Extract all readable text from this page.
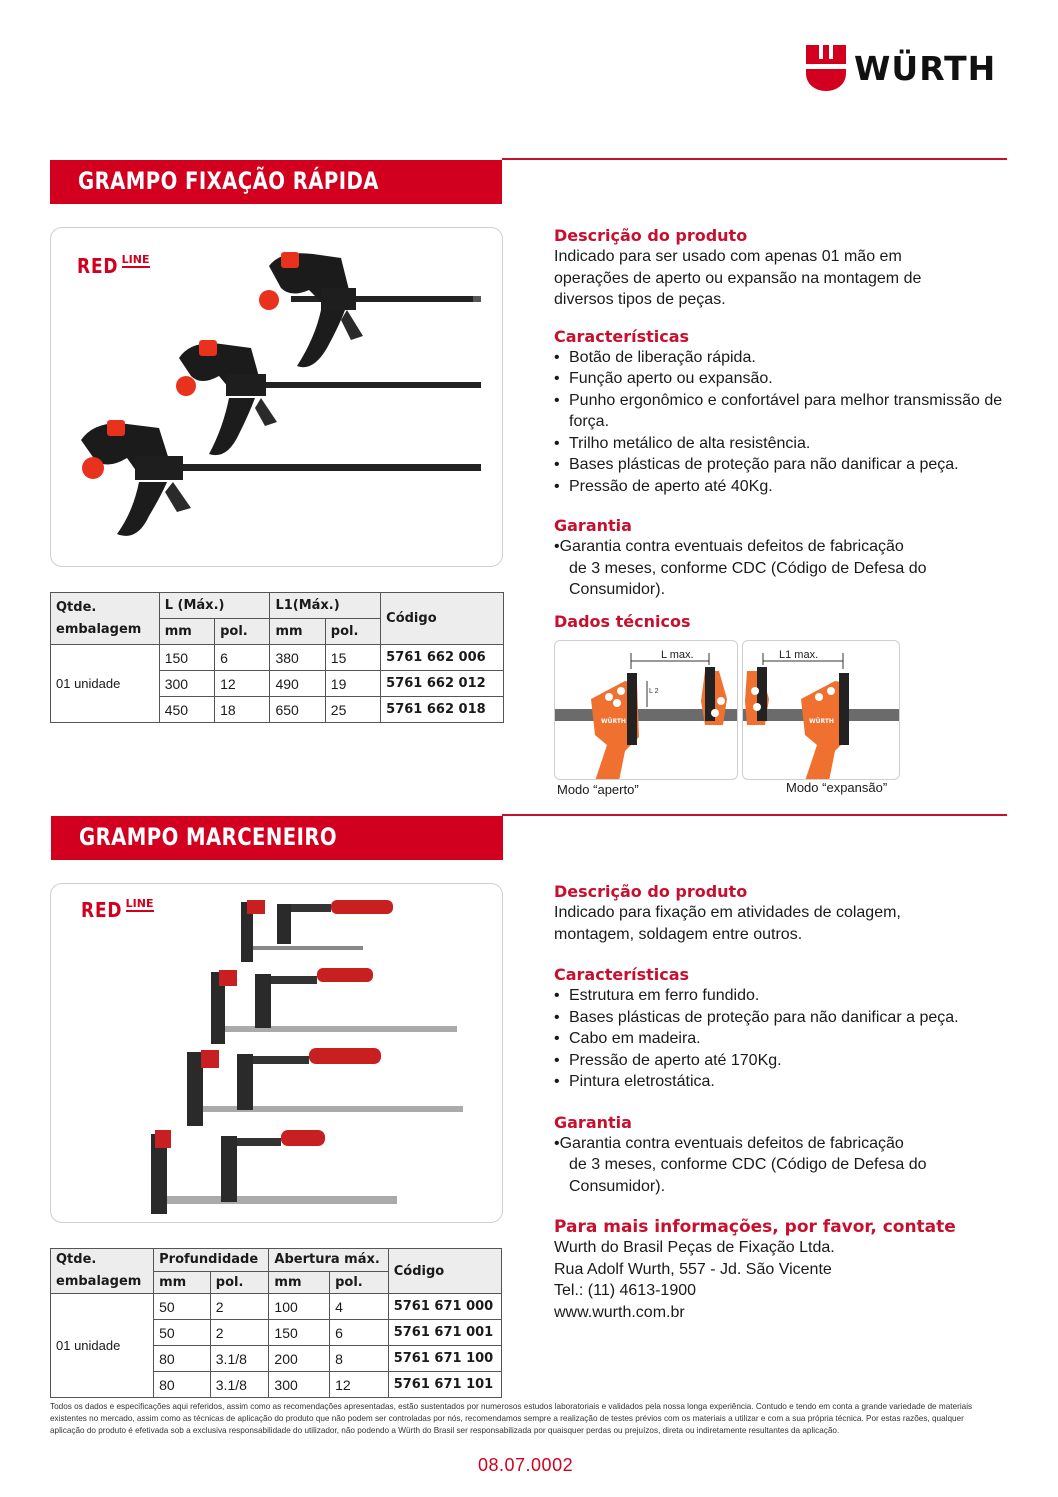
WÜRTH
GRAMPO FIXAÇÃO RÁPIDA
RED LINE
Qtde. embalagem	L (Máx.)		L1(Máx.)		Código
	mm	pol.	mm	pol.	
01 unidade	150	6	380	15	5761 662 006
	300	12	490	19	5761 662 012
	450	18	650	25	5761 662 018
Descrição do produto
Indicado para ser usado com apenas 01 mão em operações de aperto ou expansão na montagem de diversos tipos de peças.
Características
• Botão de liberação rápida.
• Função aperto ou expansão.
• Punho ergonômico e confortável para melhor transmissão de força.
• Trilho metálico de alta resistência.
• Bases plásticas de proteção para não danificar a peça.
• Pressão de aperto até 40Kg.
Garantia
•Garantia contra eventuais defeitos de fabricação
de 3 meses, conforme CDC (Código de Defesa do Consumidor).
Dados técnicos
WÜRTH
L max.
L 2
WÜRTH
L1 max.
Modo “aperto”	Modo “expansão”
GRAMPO MARCENEIRO
RED LINE
Qtde. embalagem	Profundidade		Abertura máx.		Código
	mm	pol.	mm	pol.	
01 unidade	50	2	100	4	5761 671 000
	50	2	150	6	5761 671 001
	80	3.1/8	200	8	5761 671 100
	80	3.1/8	300	12	5761 671 101
Descrição do produto
Indicado para fixação em atividades de colagem, montagem, soldagem entre outros.
Características
• Estrutura em ferro fundido.
• Bases plásticas de proteção para não danificar a peça.
• Cabo em madeira.
• Pressão de aperto até 170Kg.
• Pintura eletrostática.
Garantia
•Garantia contra eventuais defeitos de fabricação
de 3 meses, conforme CDC (Código de Defesa do Consumidor).
Para mais informações, por favor, contate
Wurth do Brasil Peças de Fixação Ltda.
Rua Adolf Wurth, 557 - Jd. São Vicente
Tel.: (11) 4613-1900
www.wurth.com.br
Todos os dados e especificações aqui referidos, assim como as recomendações apresentadas, estão sustentados por numerosos estudos laboratoriais e validados pela nossa longa experiência. Contudo e tendo em conta a grande variedade de materiais existentes no mercado, assim como as técnicas de aplicação do produto que não podem ser controladas por nós, recomendamos sempre a realização de testes prévios com os materiais a utilizar e com a sua própria técnica. Por estas razões, qualquer aplicação do produto é efetivada sob a exclusiva responsabilidade do utilizador, não podendo a Würth do Brasil ser responsabilizada por quaisquer perdas ou prejuízos, direta ou indiretamente resultantes da aplicação.
08.07.0002
